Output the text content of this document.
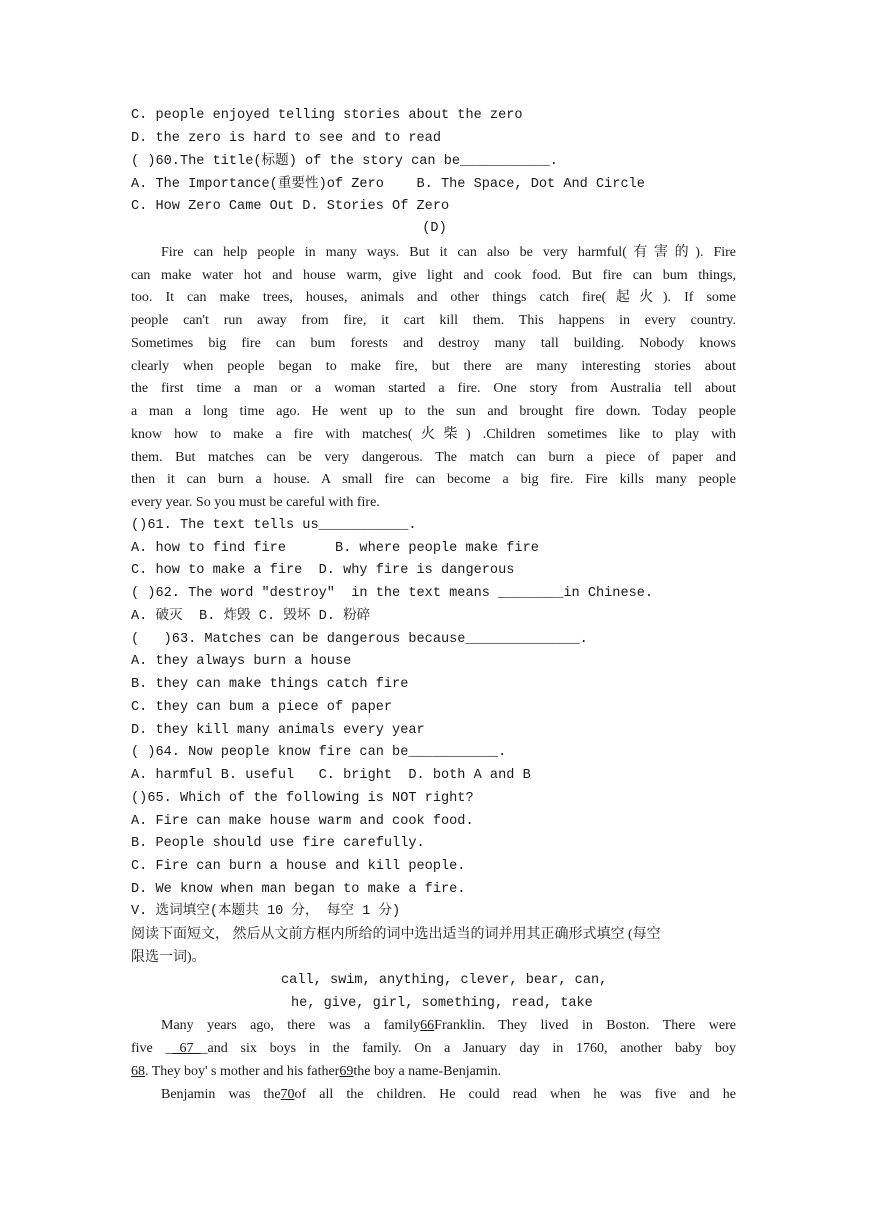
C. people enjoyed telling stories about the zero
D. the zero is hard to see and to read
( )60.The title(标题) of the story can be___________.
A. The Importance(重要性)of Zero    B. The Space, Dot And Circle
C. How Zero Came Out D. Stories Of Zero
(D)
Fire can help people in many ways. But it can also be very harmful(有害的). Fire
can make water hot and house warm, give light and cook food. But fire can bum things,
too. It can make trees, houses, animals and other things catch fire(起火). If some
people can't run away from fire, it cart kill them. This happens in every country.
Sometimes big fire can bum forests and destroy many tall building. Nobody knows
clearly when people began to make fire, but there are many interesting stories about
the first time a man or a woman started a fire. One story from Australia tell about
a man a long time ago. He went up to the sun and brought fire down. Today people
know how to make a fire with matches(火柴) .Children sometimes like to play with
them. But matches can be very dangerous. The match can burn a piece of paper and
then it can burn a house. A small fire can become a big fire. Fire kills many people
every year. So you must be careful with fire.
()61. The text tells us___________.
A. how to find fire      B. where people make fire
C. how to make a fire  D. why fire is dangerous
( )62. The word "destroy"  in the text means ________in Chinese.
A. 破灭  B. 炸毁 C. 毁坏 D. 粉碎
(   )63. Matches can be dangerous because______________.
A. they always burn a house
B. they can make things catch fire
C. they can bum a piece of paper
D. they kill many animals every year
( )64. Now people know fire can be___________.
A. harmful B. useful   C. bright  D. both A and B
()65. Which of the following is NOT right?
A. Fire can make house warm and cook food.
B. People should use fire carefully.
C. Fire can burn a house and kill people.
D. We know when man began to make a fire.
V. 选词填空(本题共 10 分， 每空 1 分)
阅读下面短文， 然后从文前方框内所给的词中选出适当的词并用其正确形式填空 (每空
限选一词)。
call, swim, anything, clever, bear, can,
he, give, girl, something, read, take
Many years ago, there was a family66Franklin. They lived in Boston. There were
five __67__and six boys in the family. On a January day in 1760, another baby boy
68. They boy' s mother and his father69the boy a name-Benjamin.
Benjamin was the70of all the children. He could read when he was five and he
